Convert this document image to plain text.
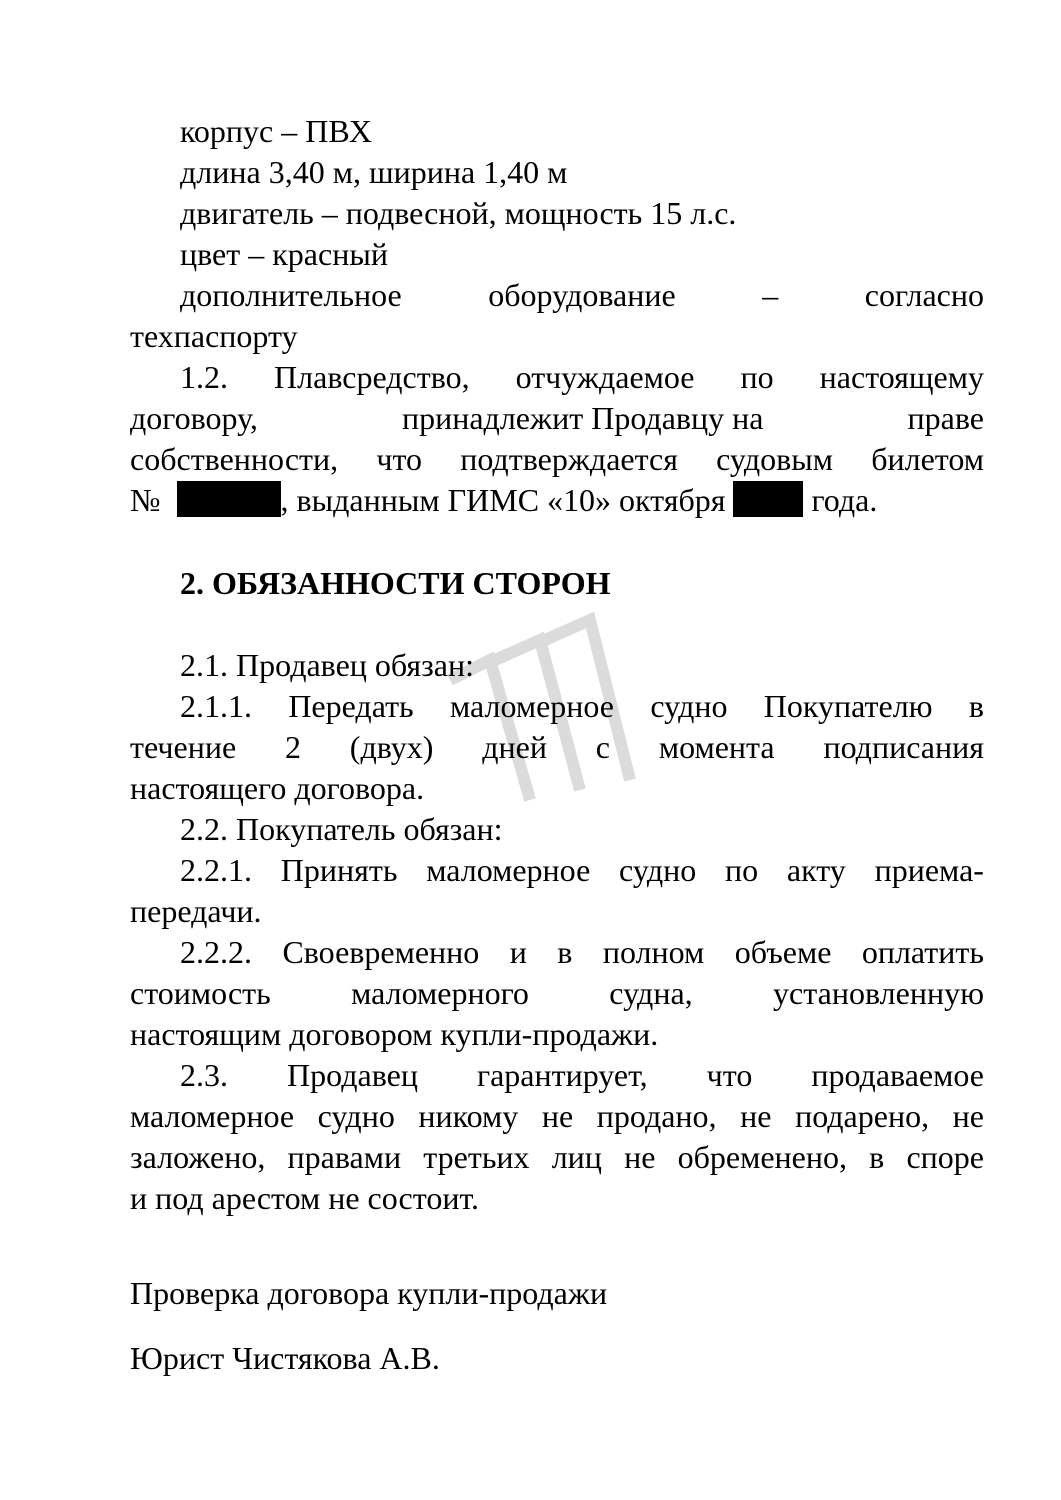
корпус – ПВХ
длина 3,40 м, ширина 1,40 м
двигатель – подвесной, мощность 15 л.с.
цвет – красный
дополнительное	оборудование	–	согласно
техпаспорту
1.2. Плавсредство, отчуждаемое по настоящему
договору,	принадлежит Продавцу на	праве
собственности, что подтверждается судовым билетом
№	, выданным ГИМС «10» октября  года.
2. ОБЯЗАННОСТИ СТОРОН
2.1. Продавец обязан:
2.1.1. Передать маломерное судно Покупателю в
течение 2 (двух) дней с момента подписания
настоящего договора.
2.2. Покупатель обязан:
2.2.1. Принять маломерное судно по акту приема-
передачи.
2.2.2. Своевременно и в полном объеме оплатить
стоимость	маломерного	судна,	установленную
настоящим договором купли-продажи.
2.3. Продавец гарантирует, что продаваемое
маломерное судно никому не продано, не подарено, не
заложено, правами третьих лиц не обременено, в споре
и под арестом не состоит.
Проверка договора купли-продажи
Юрист Чистякова А.В.
